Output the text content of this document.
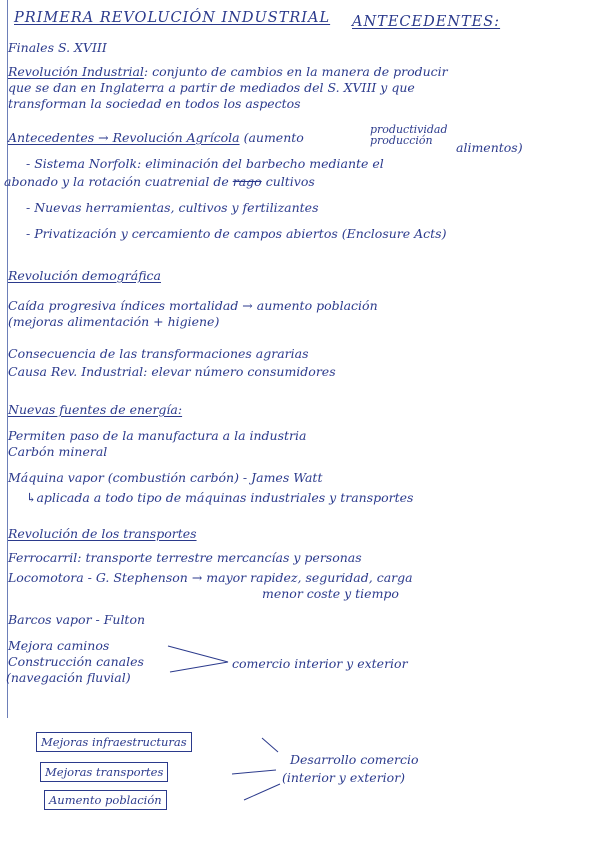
PRIMERA REVOLUCIÓN INDUSTRIAL ANTECEDENTES:
Finales S. XVIII
Revolución Industrial: conjunto de cambios en la manera de producir
que se dan en Inglaterra a partir de mediados del S. XVIII y que
transforman la sociedad en todos los aspectos
Antecedentes → Revolución Agrícola (aumento
productividad
producción alimentos)
- Sistema Norfolk: eliminación del barbecho mediante el
abonado y la rotación cuatrenial de rago cultivos
- Nuevas herramientas, cultivos y fertilizantes
- Privatización y cercamiento de campos abiertos (Enclosure Acts)
Revolución demográfica
Caída progresiva índices mortalidad → aumento población
(mejoras alimentación + higiene)
Consecuencia de las transformaciones agrarias
Causa Rev. Industrial: elevar número consumidores
Nuevas fuentes de energía:
Permiten paso de la manufactura a la industria
Carbón mineral
Máquina vapor (combustión carbón) - James Watt
↳aplicada a todo tipo de máquinas industriales y transportes
Revolución de los transportes
Ferrocarril: transporte terrestre mercancías y personas
Locomotora - G. Stephenson → mayor rapidez, seguridad, carga
menor coste y tiempo
Barcos vapor - Fulton
Mejora caminos
Construcción canales
(navegación fluvial)
comercio interior y exterior
Mejoras infraestructuras
Mejoras transportes
Aumento población
Desarrollo comercio
(interior y exterior)
